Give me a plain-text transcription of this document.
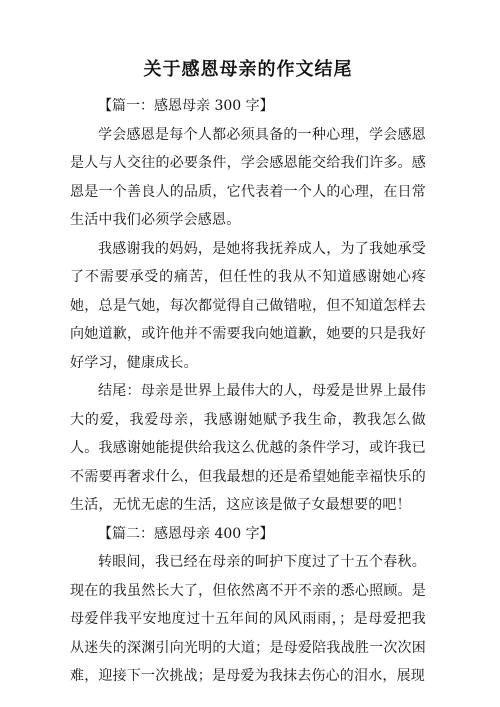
关于感恩母亲的作文结尾

【篇一：感恩母亲 300 字】

学会感恩是每个人都必须具备的一种心理，学会感恩是人与人交往的必要条件，学会感恩能交给我们许多。感恩是一个善良人的品质，它代表着一个人的心理，在日常生活中我们必须学会感恩。

我感谢我的妈妈，是她将我抚养成人，为了我她承受了不需要承受的痛苦，但任性的我从不知道感谢她心疼她，总是气她，每次都觉得自己做错啦，但不知道怎样去向她道歉，或许他并不需要我向她道歉，她要的只是我好好学习，健康成长。

结尾：母亲是世界上最伟大的人，母爱是世界上最伟大的爱，我爱母亲，我感谢她赋予我生命，教我怎么做人。我感谢她能提供给我这么优越的条件学习，或许我已不需要再奢求什么，但我最想的还是希望她能幸福快乐的生活，无忧无虑的生活，这应该是做子女最想要的吧！

【篇二：感恩母亲 400 字】

转眼间，我已经在母亲的呵护下度过了十五个春秋。现在的我虽然长大了，但依然离不开不亲的悉心照顾。是母爱伴我平安地度过十五年间的风风雨雨，；是母爱把我从迷失的深渊引向光明的大道；是母爱陪我战胜一次次困难，迎接下一次挑战；是母爱为我抹去伤心的泪水，展现
